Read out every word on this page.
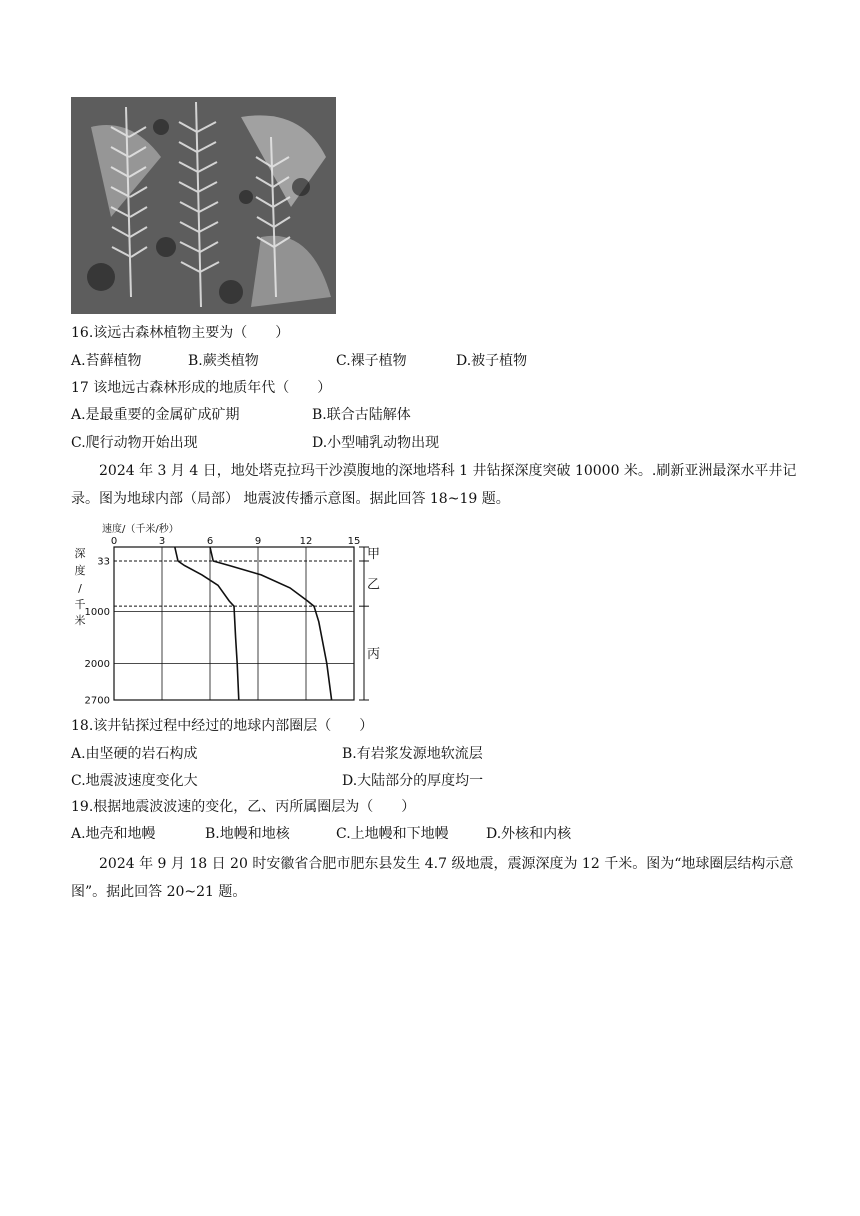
16.该远古森林植物主要为（　　）
A.苔藓植物	B.蕨类植物	C.裸子植物	D.被子植物
17 该地远古森林形成的地质年代（　　）
A.是最重要的金属矿成矿期	B.联合古陆解体
C.爬行动物开始出现	D.小型哺乳动物出现
2024 年 3 月 4 日，地处塔克拉玛干沙漠腹地的深地塔科 1 井钻探深度突破 10000 米。.刷新亚洲最深水平井记录。图为地球内部（局部） 地震波传播示意图。据此回答 18~19 题。
0	3	6	9	12	15
33
1000
2000
2700
速度/（千米/秒）
深
度
/
千
米
甲
乙
丙
18.该井钻探过程中经过的地球内部圈层（　　）
A.由坚硬的岩石构成	B.有岩浆发源地软流层
C.地震波速度变化大	D.大陆部分的厚度均一
19.根据地震波波速的变化，乙、丙所属圈层为（　　）
A.地壳和地幔	B.地幔和地核	C.上地幔和下地幔	D.外核和内核
2024 年 9 月 18 日 20 时安徽省合肥市肥东县发生 4.7 级地震，震源深度为 12 千米。图为“地球圈层结构示意图”。据此回答 20~21 题。
